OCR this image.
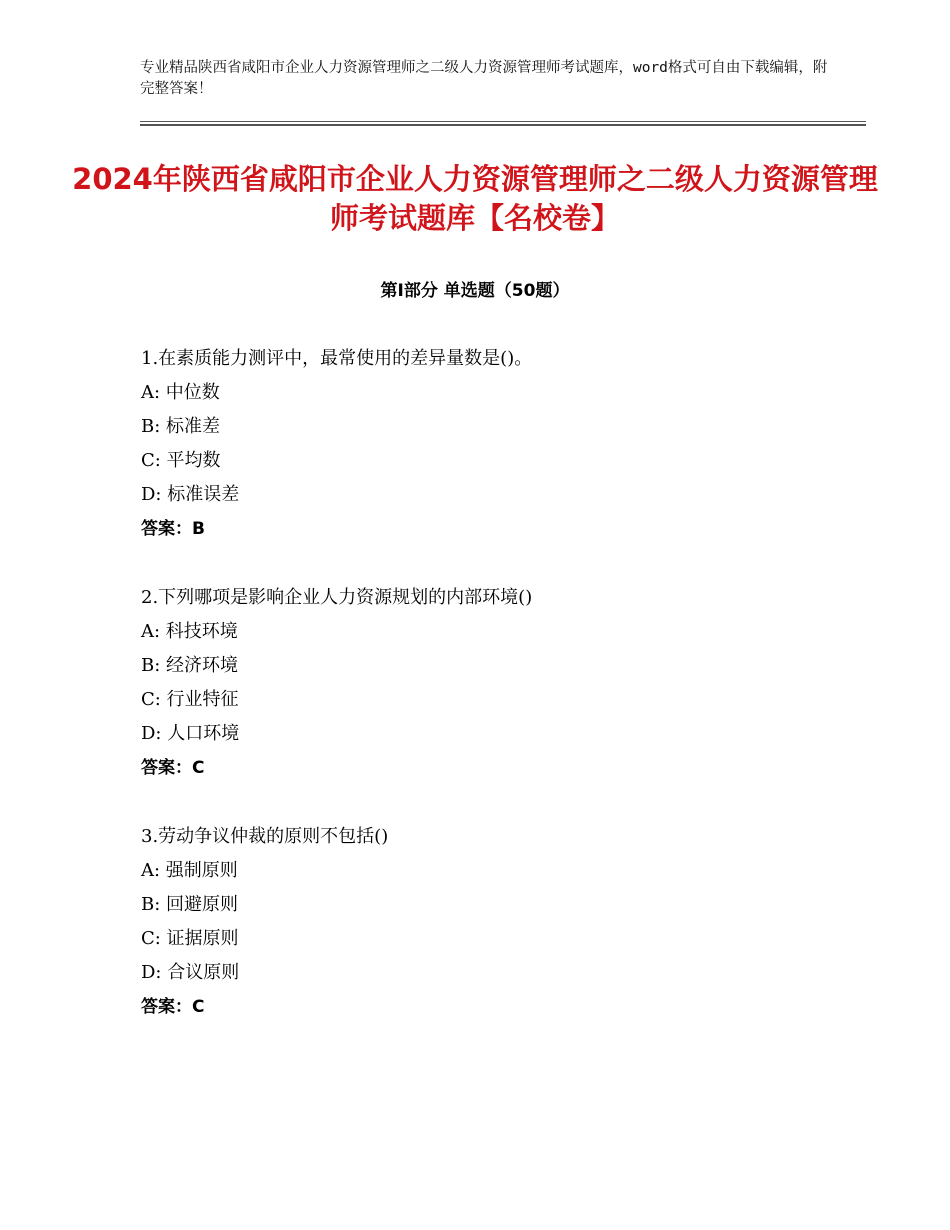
专业精品陕西省咸阳市企业人力资源管理师之二级人力资源管理师考试题库，word格式可自由下载编辑，附完整答案！
2024年陕西省咸阳市企业人力资源管理师之二级人力资源管理师考试题库【名校卷】
第Ⅰ部分 单选题（50题）
1.在素质能力测评中，最常使用的差异量数是()。
A: 中位数
B: 标准差
C: 平均数
D: 标准误差
答案：B
2.下列哪项是影响企业人力资源规划的内部环境()
A: 科技环境
B: 经济环境
C: 行业特征
D: 人口环境
答案：C
3.劳动争议仲裁的原则不包括()
A: 强制原则
B: 回避原则
C: 证据原则
D: 合议原则
答案：C
